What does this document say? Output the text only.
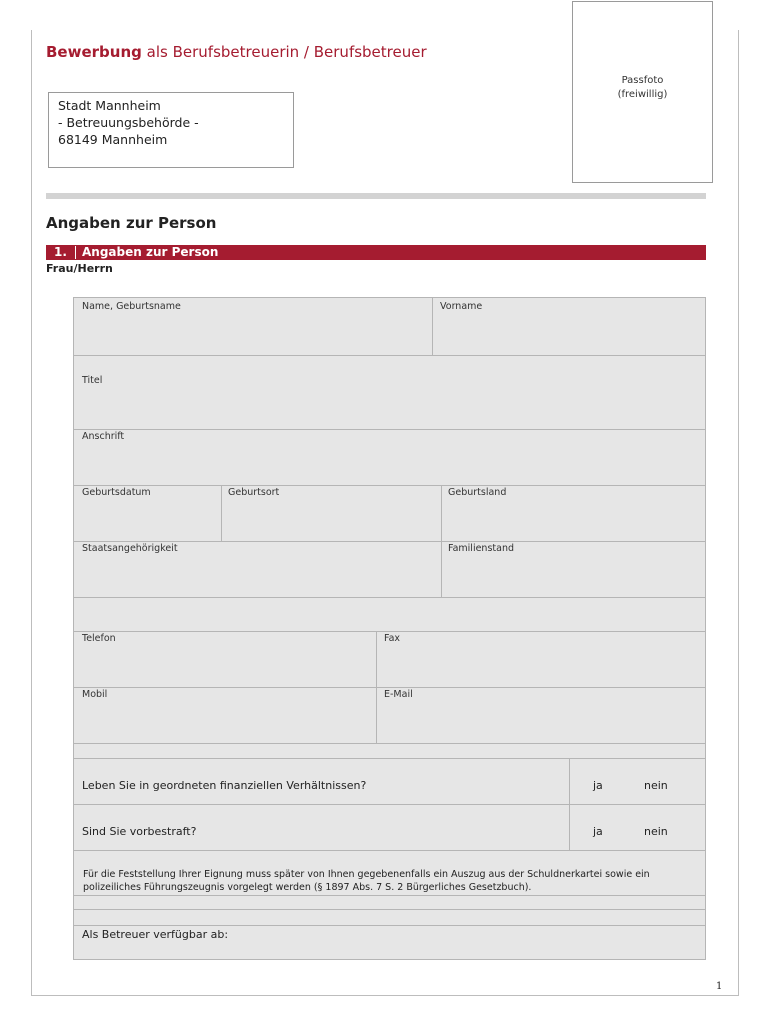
Bewerbung als Berufsbetreuerin / Berufsbetreuer
Passfoto
(freiwillig)
Stadt Mannheim
- Betreuungsbehörde -
68149 Mannheim
Angaben zur Person
1. Angaben zur Person
Frau/Herrn
Name, Geburtsname	Vorname
Titel
Anschrift
Geburtsdatum	Geburtsort	Geburtsland
Staatsangehörigkeit	Familienstand
Telefon	Fax
Mobil	E-Mail
Leben Sie in geordneten finanziellen Verhältnissen?	ja	nein
Sind Sie vorbestraft?	ja	nein
Für die Feststellung Ihrer Eignung muss später von Ihnen gegebenenfalls ein Auszug aus der Schuldnerkartei sowie ein polizeiliches Führungszeugnis vorgelegt werden (§ 1897 Abs. 7 S. 2 Bürgerliches Gesetzbuch).
Als Betreuer verfügbar ab:
1
